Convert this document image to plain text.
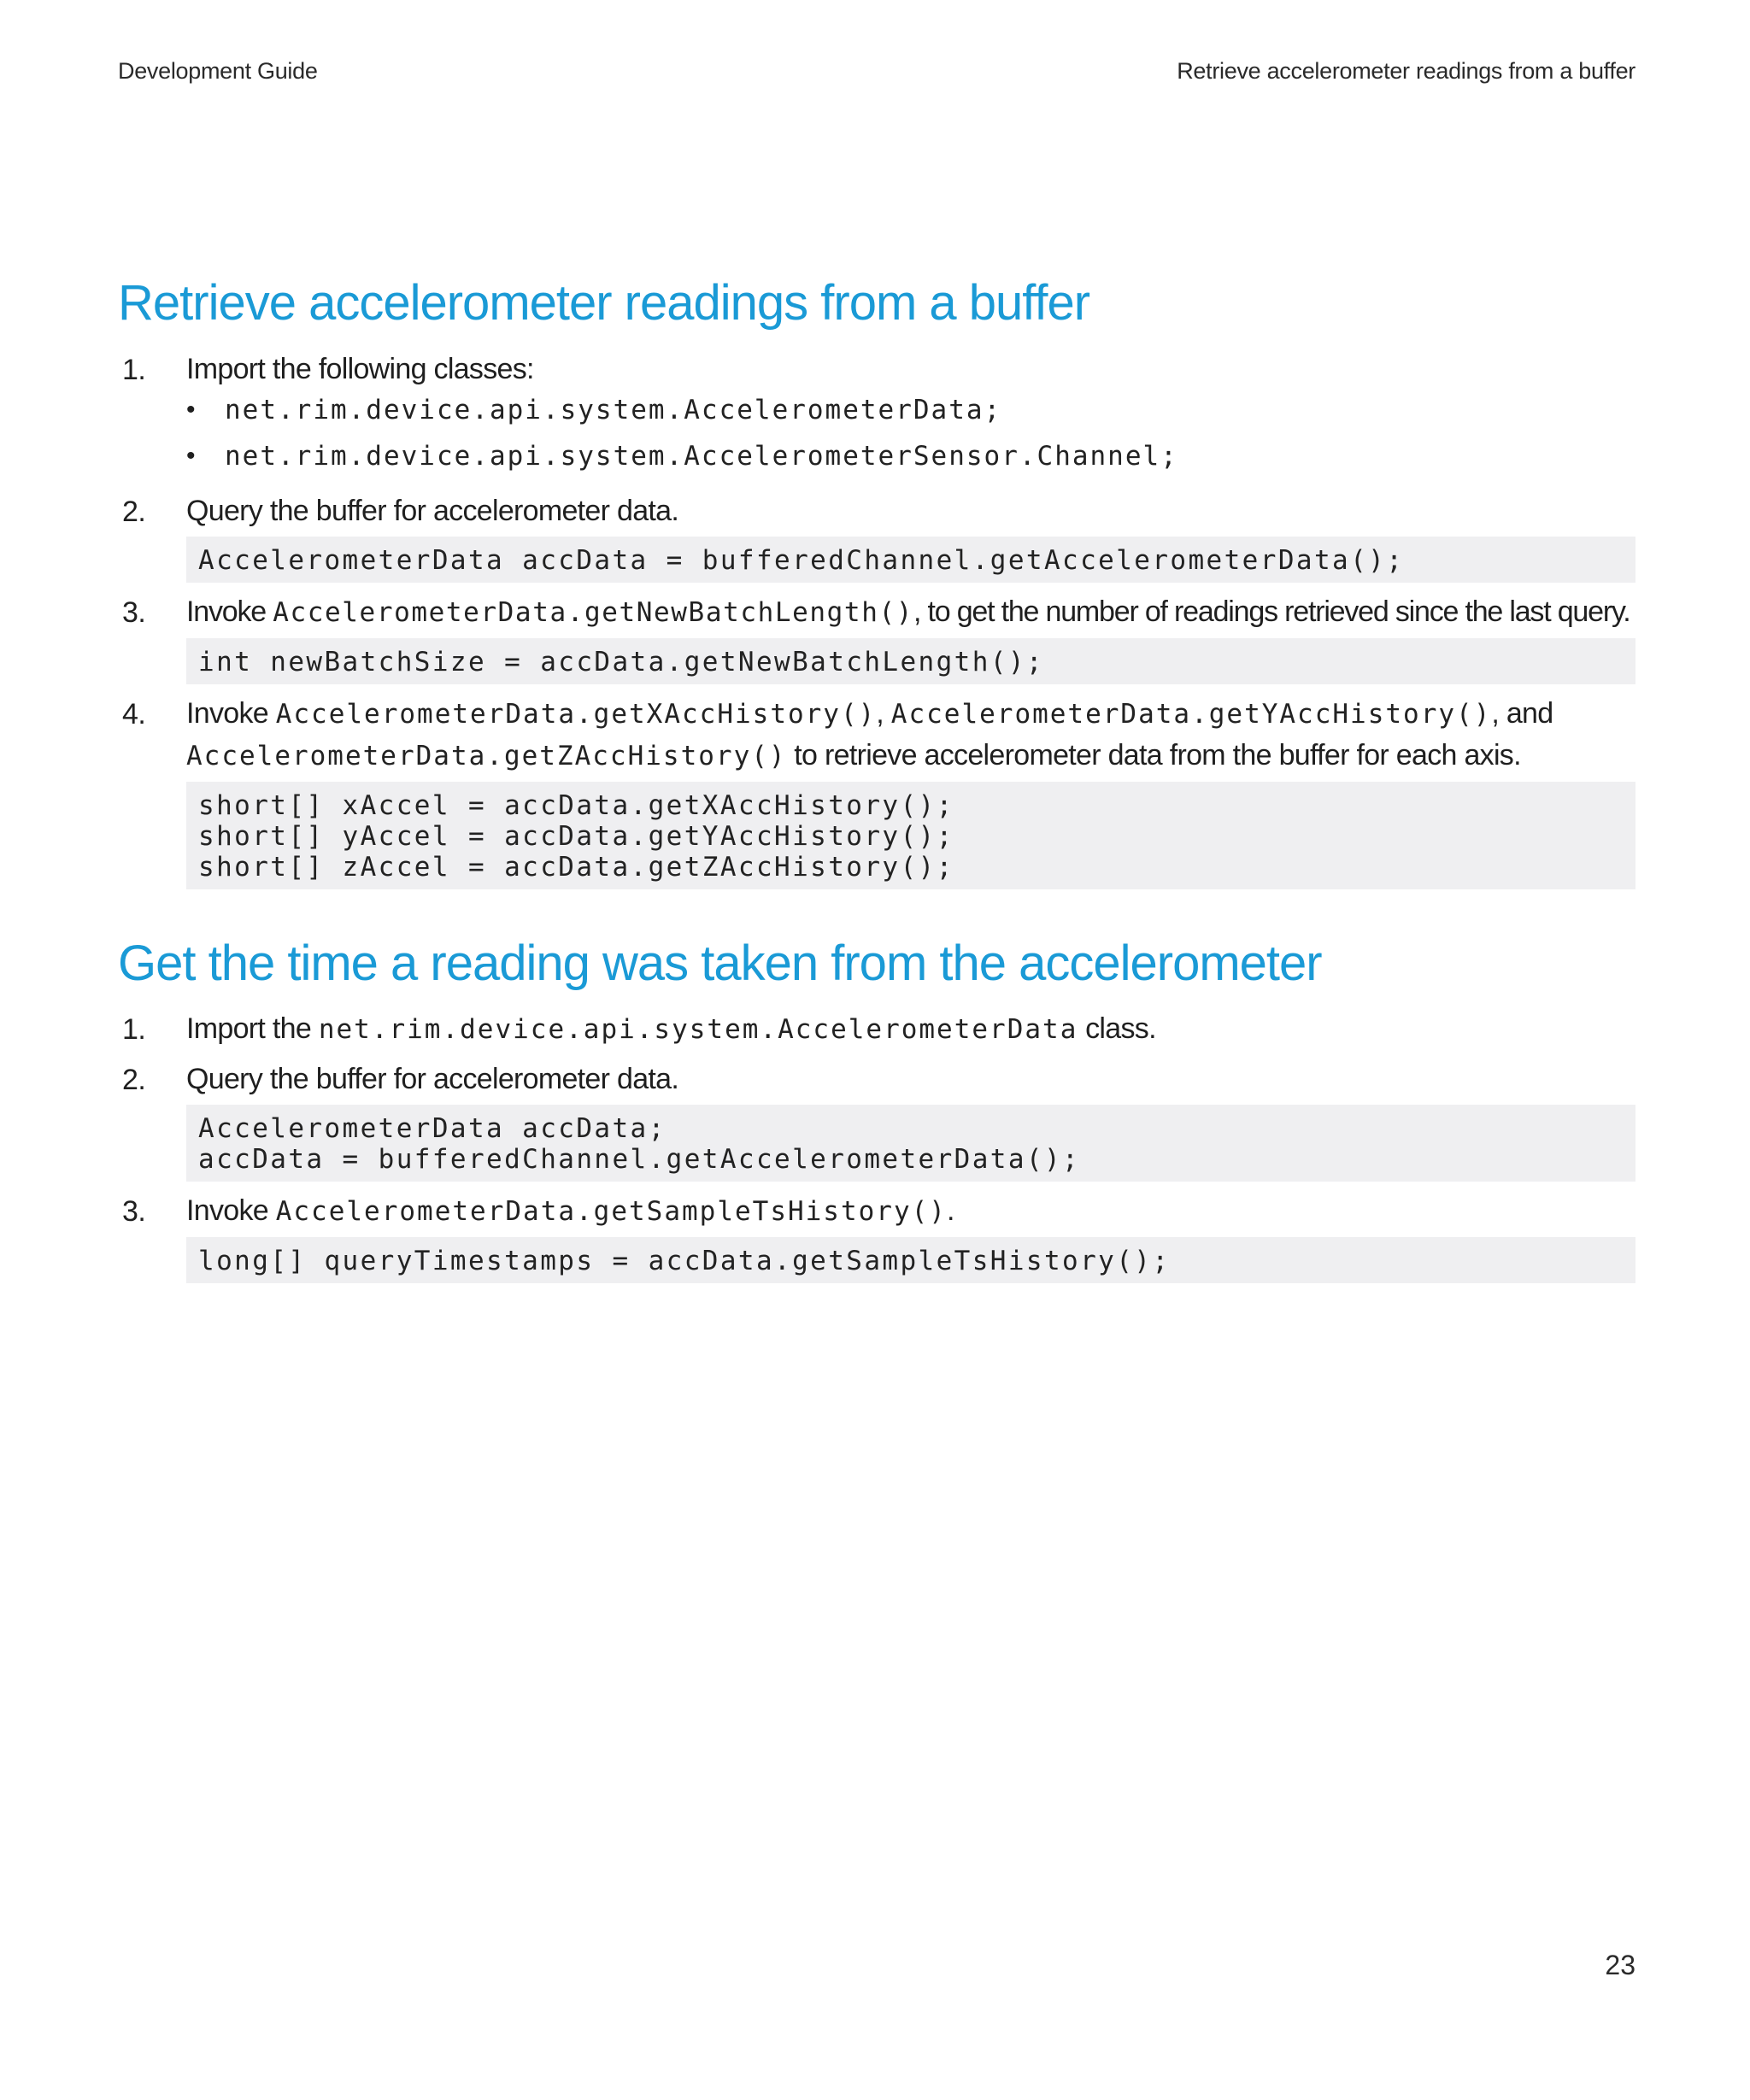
Development Guide	Retrieve accelerometer readings from a buffer
Retrieve accelerometer readings from a buffer
1. Import the following classes:
• net.rim.device.api.system.AccelerometerData;
• net.rim.device.api.system.AccelerometerSensor.Channel;
2. Query the buffer for accelerometer data.
AccelerometerData accData = bufferedChannel.getAccelerometerData();
3. Invoke AccelerometerData.getNewBatchLength(), to get the number of readings retrieved since the last query.
int newBatchSize = accData.getNewBatchLength();
4. Invoke AccelerometerData.getXAccHistory(), AccelerometerData.getYAccHistory(), and
AccelerometerData.getZAccHistory() to retrieve accelerometer data from the buffer for each axis.
short[] xAccel = accData.getXAccHistory();
short[] yAccel = accData.getYAccHistory();
short[] zAccel = accData.getZAccHistory();
Get the time a reading was taken from the accelerometer
1. Import the net.rim.device.api.system.AccelerometerData class.
2. Query the buffer for accelerometer data.
AccelerometerData accData;
accData = bufferedChannel.getAccelerometerData();
3. Invoke AccelerometerData.getSampleTsHistory().
long[] queryTimestamps = accData.getSampleTsHistory();
23
